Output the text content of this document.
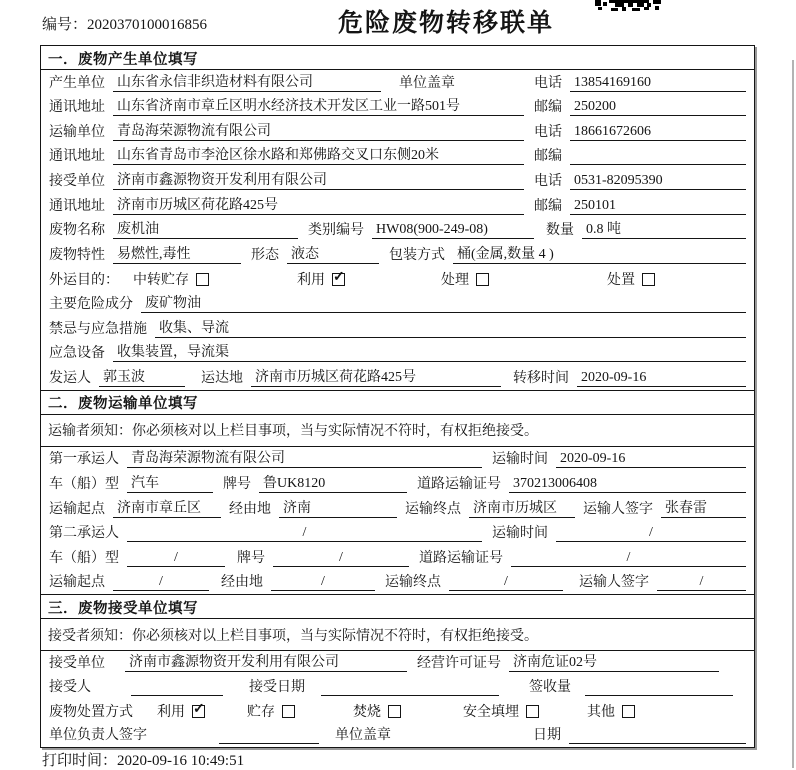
编号：2020370100016856	危险废物转移联单
一．废物产生单位填写
产生单位 山东省永信非织造材料有限公司	单位盖章	电话 13854169160
通讯地址 山东省济南市章丘区明水经济技术开发区工业一路501号	邮编 250200
运输单位 青岛海荣源物流有限公司	电话 18661672606
通讯地址 山东省青岛市李沧区徐水路和郑佛路交叉口东侧20米	邮编
接受单位 济南市鑫源物资开发利用有限公司	电话 0531-82095390
通讯地址 济南市历城区荷花路425号	邮编 250101
废物名称 废机油	类别编号 HW08(900-249-08)	数量 0.8 吨
废物特性 易燃性,毒性	形态 液态	包装方式 桶(金属,数量 4 )
外运目的： 中转贮存	利用 ✓	处理	处置
主要危险成分 废矿物油
禁忌与应急措施 收集、导流
应急设备 收集装置，导流渠
发运人 郭玉波	运达地 济南市历城区荷花路425号	转移时间 2020-09-16
二．废物运输单位填写
运输者须知：你必须核对以上栏目事项，当与实际情况不符时，有权拒绝接受。
第一承运人 青岛海荣源物流有限公司	运输时间 2020-09-16
车（船）型 汽车	牌号 鲁UK8120	道路运输证号 370213006408
运输起点 济南市章丘区	经由地 济南	运输终点 济南市历城区	运输人签字 张春雷
第二承运人	/	运输时间	/
车（船）型	/	牌号	/	道路运输证号	/
运输起点	/	经由地	/	运输终点	/	运输人签字	/
三．废物接受单位填写
接受者须知：你必须核对以上栏目事项，当与实际情况不符时，有权拒绝接受。
接受单位 济南市鑫源物资开发利用有限公司	经营许可证号 济南危证02号
接受人	接受日期	签收量
废物处置方式 利用 ✓	贮存	焚烧	安全填埋	其他
单位负责人签字	单位盖章	日期
打印时间：2020-09-16 10:49:51
